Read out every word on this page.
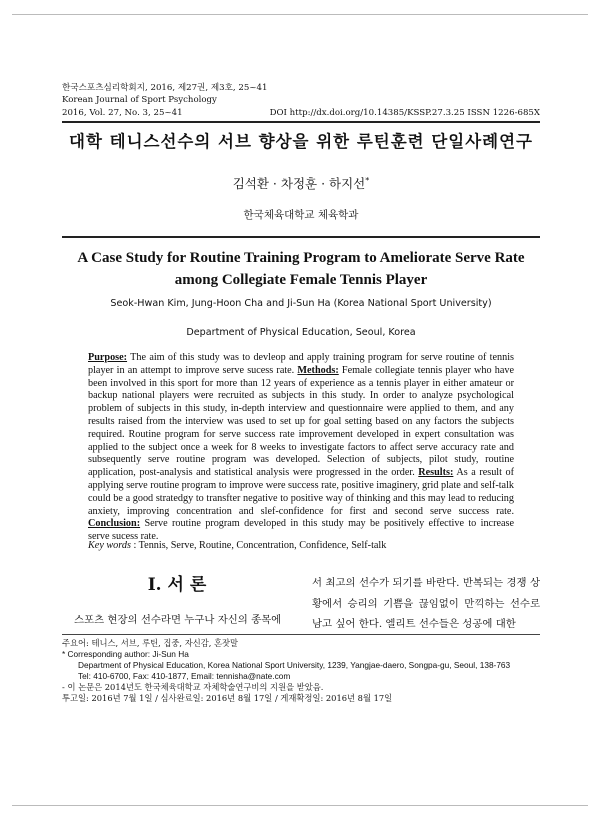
한국스포츠심리학회지, 2016, 제27권, 제3호, 25~41
Korean Journal of Sport Psychology
2016, Vol. 27, No. 3, 25~41	DOI http://dx.doi.org/10.14385/KSSP.27.3.25 ISSN 1226-685X
대학 테니스선수의 서브 향상을 위한 루틴훈련 단일사례연구
김석환 · 차정훈 · 하지선*
한국체육대학교 체육학과
A Case Study for Routine Training Program to Ameliorate Serve Rate
among Collegiate Female Tennis Player
Seok-Hwan Kim, Jung-Hoon Cha and Ji-Sun Ha (Korea National Sport University)
Department of Physical Education, Seoul, Korea

Purpose: The aim of this study was to devleop and apply training program for serve routine of tennis player in an attempt to improve serve sucess rate. Methods: Female collegiate tennis player who have been involved in this sport for more than 12 years of experience as a tennis player in either amateur or backup national players were recruited as subjects in this study. In order to analyze psychological problem of subjects in this study, in-depth interview and questionnaire were applied to them, and any results raised from the interview was used to set up for goal setting based on any factors the subjects required. Routine program for serve success rate improvement developed in expert consultation was applied to the subject once a week for 8 weeks to investigate factors to affect serve accuracy rate and subsequently serve routine program was developed. Selection of subjects, pilot study, routine application, post-analysis and statistical analysis were progressed in the order. Results: As a result of applying serve routine program to improve were success rate, positive imaginery, grid plate and self-talk could be a good stratedgy to transfter negative to positive way of thinking and this may lead to reducing anxiety, improving concentration and slef-confidence for first and second serve success rate. Conclusion: Serve routine program developed in this study may be positively effective to increase serve sucess rate.

Key words : Tennis, Serve, Routine, Concentration, Confidence, Self-talk
I. 서 론

스포츠 현장의 선수라면 누구나 자신의 종목에

서 최고의 선수가 되기를 바란다. 반복되는 경쟁 상황에서 승리의 기쁨을 끊임없이 만끽하는 선수로 남고 싶어 한다. 엘리트 선수들은 성공에 대한

주요어: 테니스, 서브, 루틴, 집중, 자신감, 혼잣말
* Corresponding author: Ji-Sun Ha
Department of Physical Education, Korea National Sport University, 1239, Yangjae-daero, Songpa-gu, Seoul, 138-763
Tel: 410-6700, Fax: 410-1877, Email: tennisha@nate.com
- 이 논문은 2014년도 한국체육대학교 자체학술연구비의 지원을 받았음.
투고일: 2016년 7월 1일 / 심사완료일: 2016년 8월 17일 / 게재확정일: 2016년 8월 17일
